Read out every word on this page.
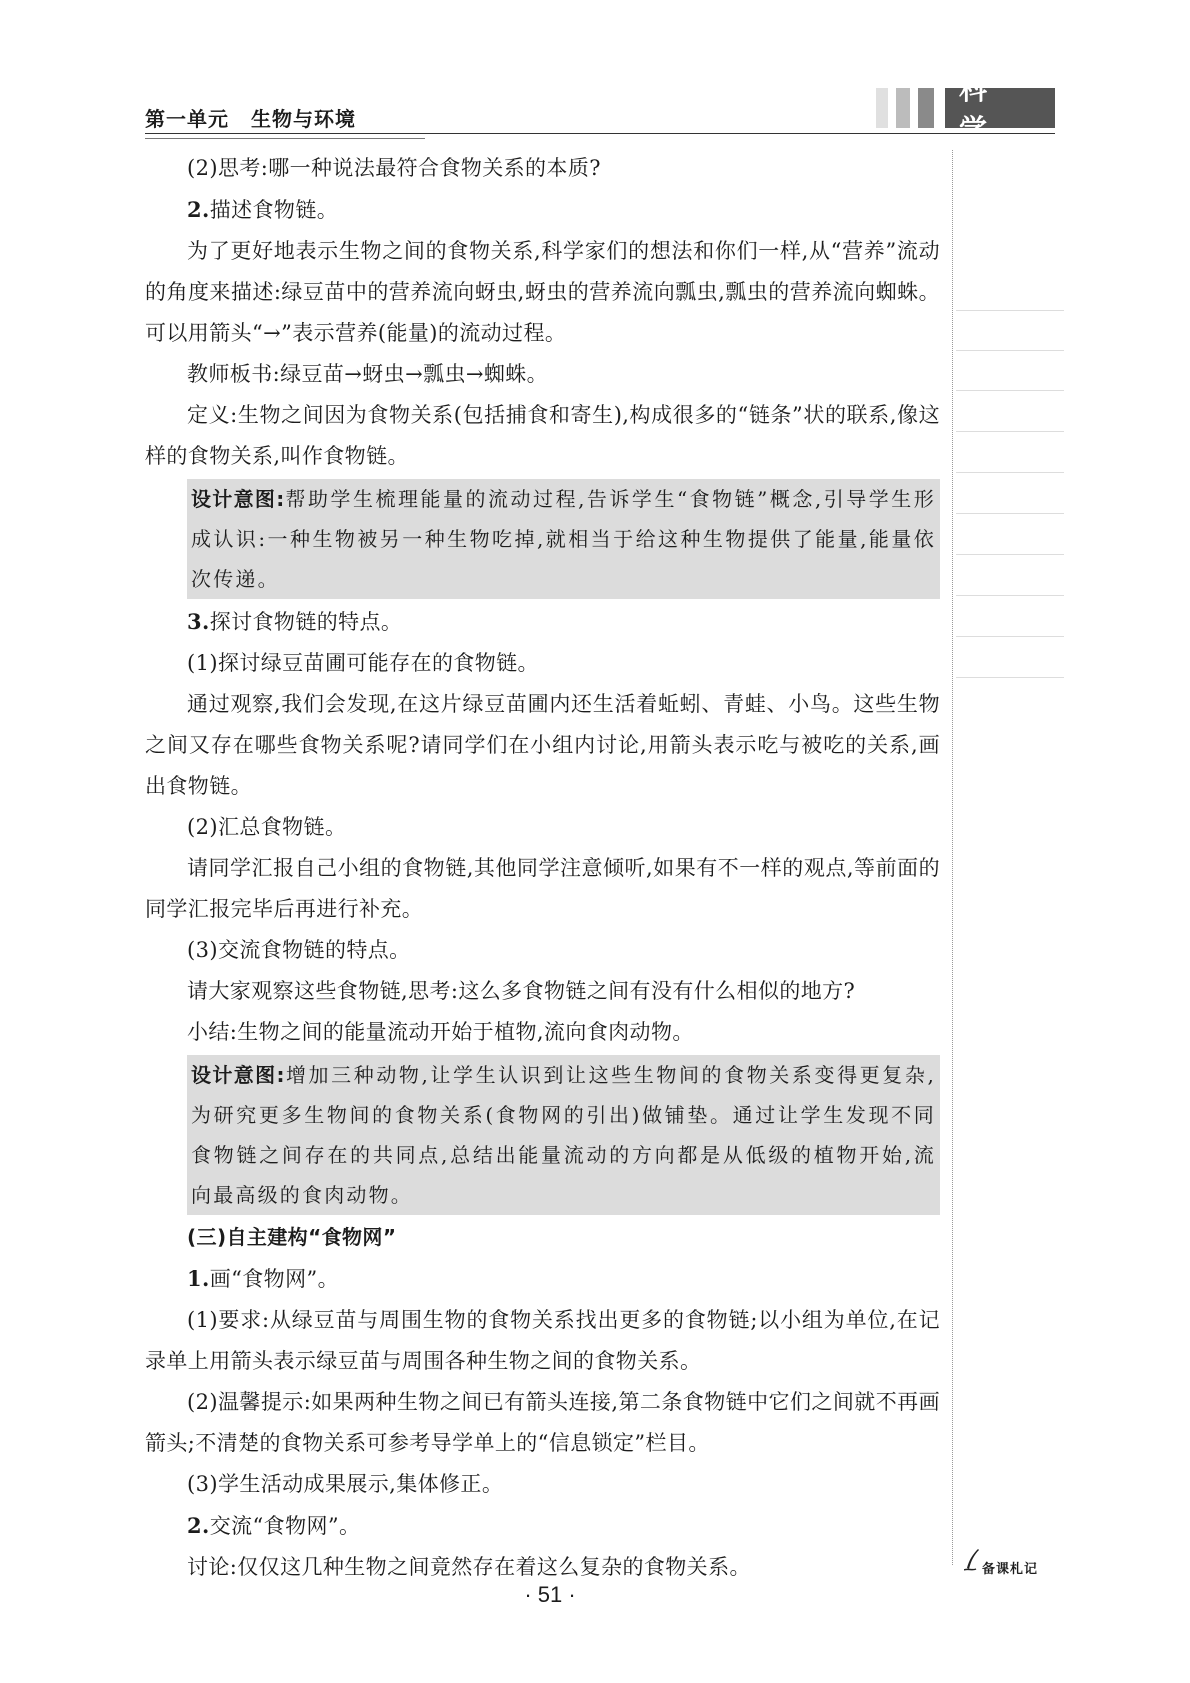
第一单元 生物与环境
科学
备课札记

(2)思考:哪一种说法最符合食物关系的本质?

2.描述食物链。

为了更好地表示生物之间的食物关系,科学家们的想法和你们一样,从“营养”流动的角度来描述:绿豆苗中的营养流向蚜虫,蚜虫的营养流向瓢虫,瓢虫的营养流向蜘蛛。可以用箭头“→”表示营养(能量)的流动过程。

教师板书:绿豆苗→蚜虫→瓢虫→蜘蛛。

定义:生物之间因为食物关系(包括捕食和寄生),构成很多的“链条”状的联系,像这样的食物关系,叫作食物链。

设计意图:帮助学生梳理能量的流动过程,告诉学生“食物链”概念,引导学生形成认识:一种生物被另一种生物吃掉,就相当于给这种生物提供了能量,能量依次传递。

3.探讨食物链的特点。

(1)探讨绿豆苗圃可能存在的食物链。

通过观察,我们会发现,在这片绿豆苗圃内还生活着蚯蚓、青蛙、小鸟。这些生物之间又存在哪些食物关系呢?请同学们在小组内讨论,用箭头表示吃与被吃的关系,画出食物链。

(2)汇总食物链。

请同学汇报自己小组的食物链,其他同学注意倾听,如果有不一样的观点,等前面的同学汇报完毕后再进行补充。

(3)交流食物链的特点。

请大家观察这些食物链,思考:这么多食物链之间有没有什么相似的地方?

小结:生物之间的能量流动开始于植物,流向食肉动物。

设计意图:增加三种动物,让学生认识到让这些生物间的食物关系变得更复杂,为研究更多生物间的食物关系(食物网的引出)做铺垫。通过让学生发现不同食物链之间存在的共同点,总结出能量流动的方向都是从低级的植物开始,流向最高级的食肉动物。

(三)自主建构“食物网”

1.画“食物网”。

(1)要求:从绿豆苗与周围生物的食物关系找出更多的食物链;以小组为单位,在记录单上用箭头表示绿豆苗与周围各种生物之间的食物关系。

(2)温馨提示:如果两种生物之间已有箭头连接,第二条食物链中它们之间就不再画箭头;不清楚的食物关系可参考导学单上的“信息锁定”栏目。

(3)学生活动成果展示,集体修正。

2.交流“食物网”。

讨论:仅仅这几种生物之间竟然存在着这么复杂的食物关系。

· 51 ·
